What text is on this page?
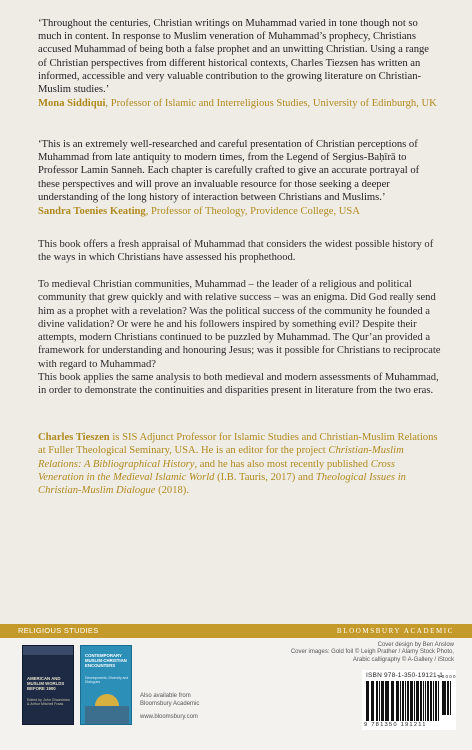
‘Throughout the centuries, Christian writings on Muhammad varied in tone though not so much in content. In response to Muslim veneration of Muhammad’s prophecy, Christians accused Muhammad of being both a false prophet and an unwitting Christian. Using a range of Christian perspectives from different historical contexts, Charles Tiezsen has written an informed, accessible and very valuable contribution to the growing literature on Christian-Muslim studies.’

Mona Siddiqui, Professor of Islamic and Interreligious Studies, University of Edinburgh, UK

‘This is an extremely well-researched and careful presentation of Christian perceptions of Muhammad from late antiquity to modern times, from the Legend of Sergius-Baḥīrā to Professor Lamin Sanneh. Each chapter is carefully crafted to give an accurate portrayal of these perspectives and will prove an invaluable resource for those seeking a deeper understanding of the long history of interaction between Christians and Muslims.’

Sandra Toenies Keating, Professor of Theology, Providence College, USA

This book offers a fresh appraisal of Muhammad that considers the widest possible history of the ways in which Christians have assessed his prophethood.

To medieval Christian communities, Muhammad – the leader of a religious and political community that grew quickly and with relative success – was an enigma. Did God really send him as a prophet with a revelation? Was the political success of the community he founded a divine validation? Or were he and his followers inspired by something evil? Despite their attempts, modern Christians continued to be puzzled by Muhammad. The Qur’an provided a framework for understanding and honouring Jesus; was it possible for Christians to reciprocate with regard to Muhammad?

This book applies the same analysis to both medieval and modern assessments of Muhammad, in order to demonstrate the continuities and disparities present in literature from the two eras.

Charles Tieszen is SIS Adjunct Professor for Islamic Studies and Christian-Muslim Relations at Fuller Theological Seminary, USA. He is an editor for the project Christian-Muslim Relations: A Bibliographical History, and he has also most recently published Cross Veneration in the Medieval Islamic World (I.B. Tauris, 2017) and Theological Issues in Christian-Muslim Dialogue (2018).

RELIGIOUS STUDIES	BLOOMSBURY ACADEMIC
AMERICAN AND MUSLIM WORLDS BEFORE 1900
Edited by John Ghazvinian & Arthur Mitchell Fraas
CONTEMPORARY MUSLIM-CHRISTIAN ENCOUNTERS
Developments, Diversity and Dialogues
Also available from
Bloomsbury Academic
www.bloomsbury.com
Cover design by Ben Anslow
Cover images: Gold foil © Leigh Prather / Alamy Stock Photo,
Arabic calligraphy © A-Gallery / iStock
ISBN 978-1-350-19121-1
9 0 0 0 0
9 781350 191211
